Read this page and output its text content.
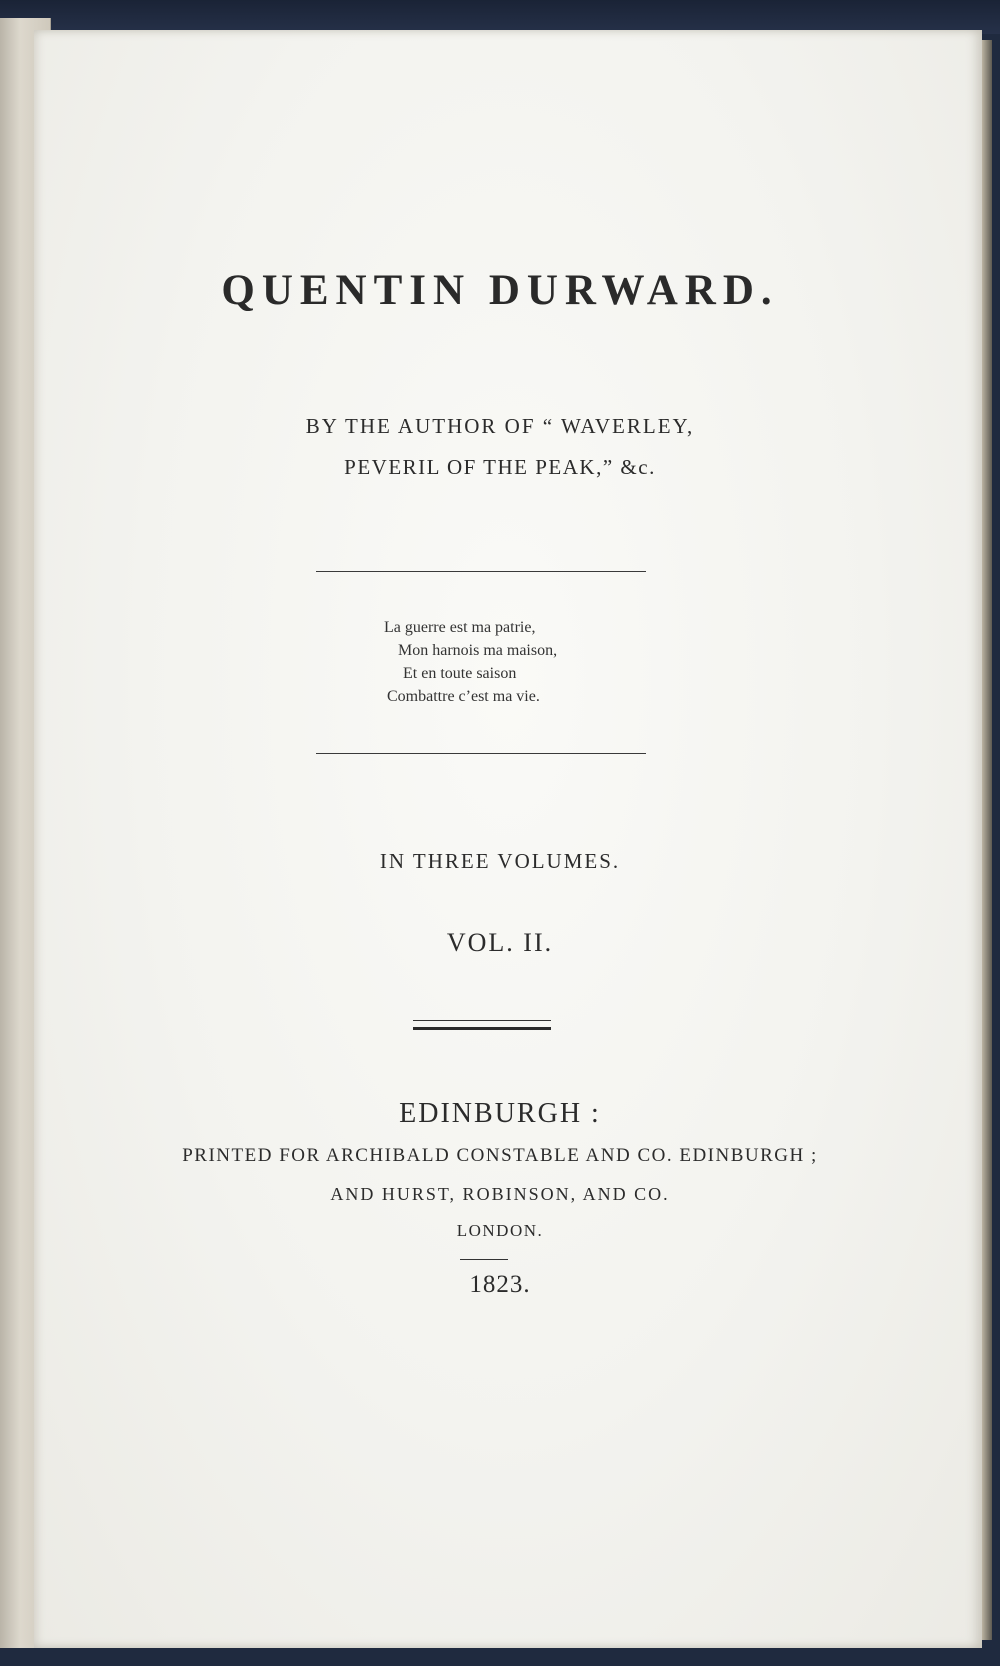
QUENTIN DURWARD.
BY THE AUTHOR OF “ WAVERLEY,
PEVERIL OF THE PEAK,” &c.
La guerre est ma patrie,
Mon harnois ma maison,
Et en toute saison
Combattre c’est ma vie.
IN THREE VOLUMES.
VOL. II.
EDINBURGH :
PRINTED FOR ARCHIBALD CONSTABLE AND CO. EDINBURGH ;
AND HURST, ROBINSON, AND CO.
LONDON.
1823.
